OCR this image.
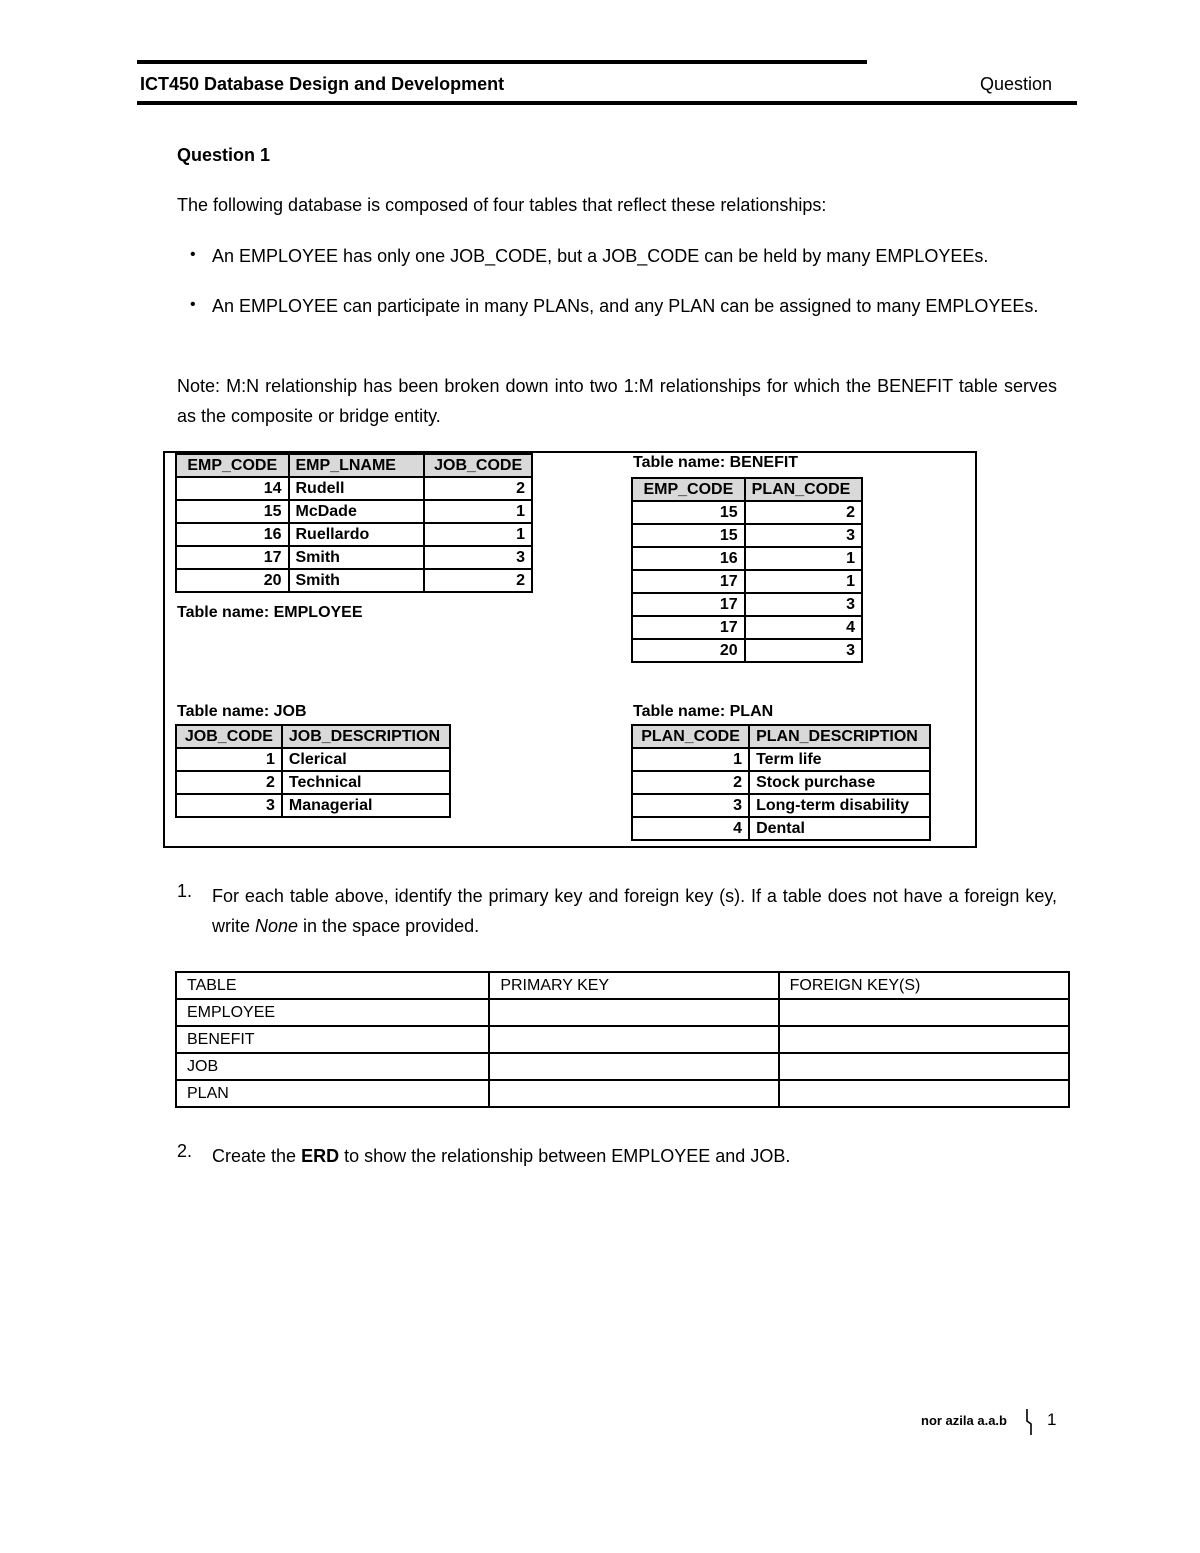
ICT450 Database Design and Development	Question
Question 1
The following database is composed of four tables that reflect these relationships:
• An EMPLOYEE has only one JOB_CODE, but a JOB_CODE can be held by many EMPLOYEEs.
• An EMPLOYEE can participate in many PLANs, and any PLAN can be assigned to many EMPLOYEEs.
Note: M:N relationship has been broken down into two 1:M relationships for which the BENEFIT table serves as the composite or bridge entity.
EMP_CODE	EMP_LNAME	JOB_CODE
14	Rudell	2
15	McDade	1
16	Ruellardo	1
17	Smith	3
20	Smith	2
Table name: EMPLOYEE
Table name: BENEFIT
EMP_CODE	PLAN_CODE
15	2
15	3
16	1
17	1
17	3
17	4
20	3
Table name: JOB
JOB_CODE	JOB_DESCRIPTION
1	Clerical
2	Technical
3	Managerial
Table name: PLAN
PLAN_CODE	PLAN_DESCRIPTION
1	Term life
2	Stock purchase
3	Long-term disability
4	Dental
1. For each table above, identify the primary key and foreign key (s). If a table does not have a foreign key, write None in the space provided.
TABLE	PRIMARY KEY	FOREIGN KEY(S)
EMPLOYEE		
BENEFIT		
JOB		
PLAN		
2. Create the ERD to show the relationship between EMPLOYEE and JOB.
nor azila a.a.b 1
